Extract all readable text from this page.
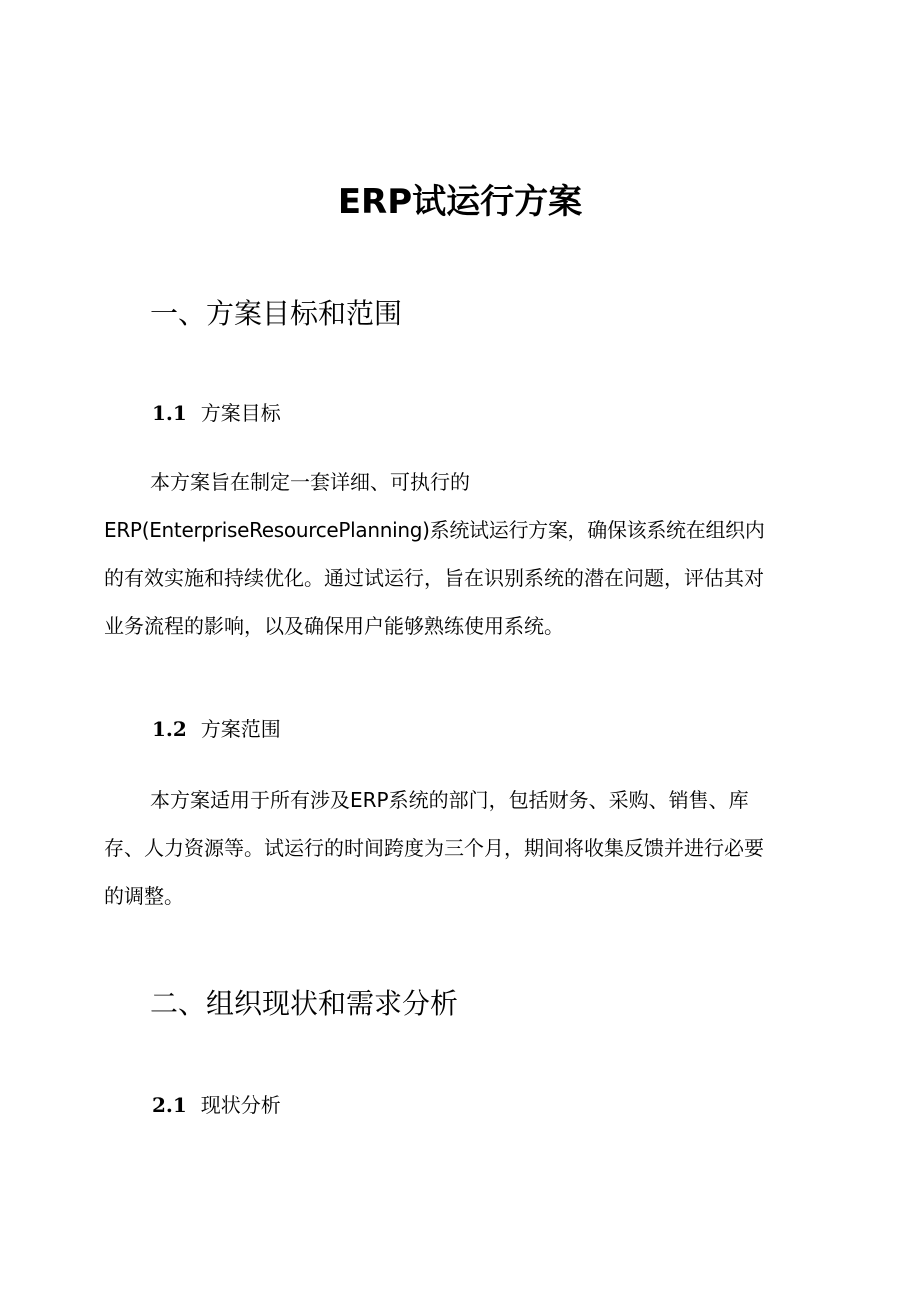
ERP试运行方案
一、方案目标和范围
1.1 方案目标
本方案旨在制定一套详细、可执行的
ERP(EnterpriseResourcePlanning)系统试运行方案，确保该系统在组织内
的有效实施和持续优化。通过试运行，旨在识别系统的潜在问题，评估其对
业务流程的影响，以及确保用户能够熟练使用系统。
1.2 方案范围
本方案适用于所有涉及ERP系统的部门，包括财务、采购、销售、库
存、人力资源等。试运行的时间跨度为三个月，期间将收集反馈并进行必要
的调整。
二、组织现状和需求分析
2.1 现状分析
